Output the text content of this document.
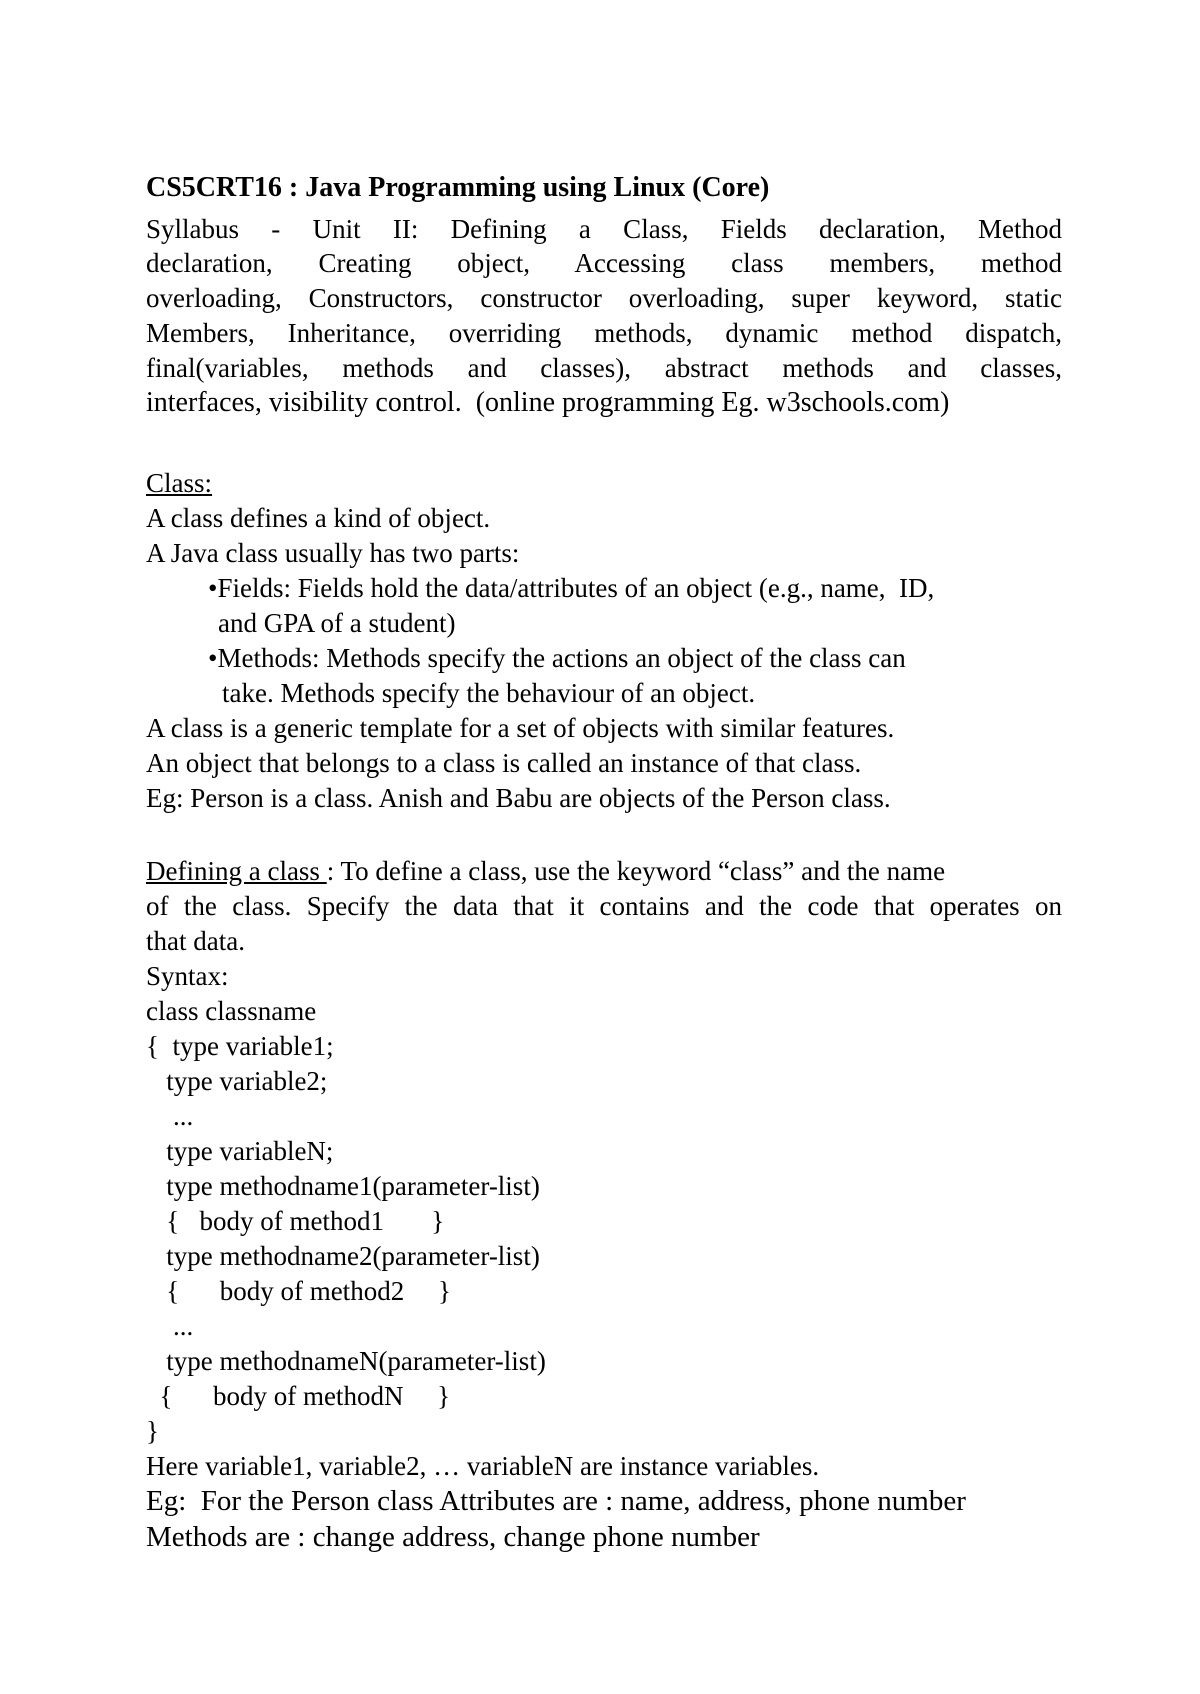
CS5CRT16 : Java Programming using Linux (Core)
Syllabus - Unit II: Defining a Class, Fields declaration, Method
declaration, Creating object, Accessing class members, method
overloading, Constructors, constructor overloading, super keyword, static
Members, Inheritance, overriding methods, dynamic method dispatch,
final(variables, methods and classes), abstract methods and classes,
interfaces, visibility control.  (online programming Eg. w3schools.com)
Class:
A class defines a kind of object.
A Java class usually has two parts:
•Fields: Fields hold the data/attributes of an object (e.g., name,  ID,
and GPA of a student)
•Methods: Methods specify the actions an object of the class can
take. Methods specify the behaviour of an object.
A class is a generic template for a set of objects with similar features.
An object that belongs to a class is called an instance of that class.
Eg: Person is a class. Anish and Babu are objects of the Person class.
Defining a class : To define a class, use the keyword “class” and the name
of the class. Specify the data that it contains and the code that operates on
that data.
Syntax:
class classname
{  type variable1;
type variable2;
...
type variableN;
type methodname1(parameter-list)
{   body of method1       }
type methodname2(parameter-list)
{      body of method2     }
...
type methodnameN(parameter-list)
{      body of methodN     }
}
Here variable1, variable2, … variableN are instance variables.
Eg:  For the Person class Attributes are : name, address, phone number
Methods are : change address, change phone number
